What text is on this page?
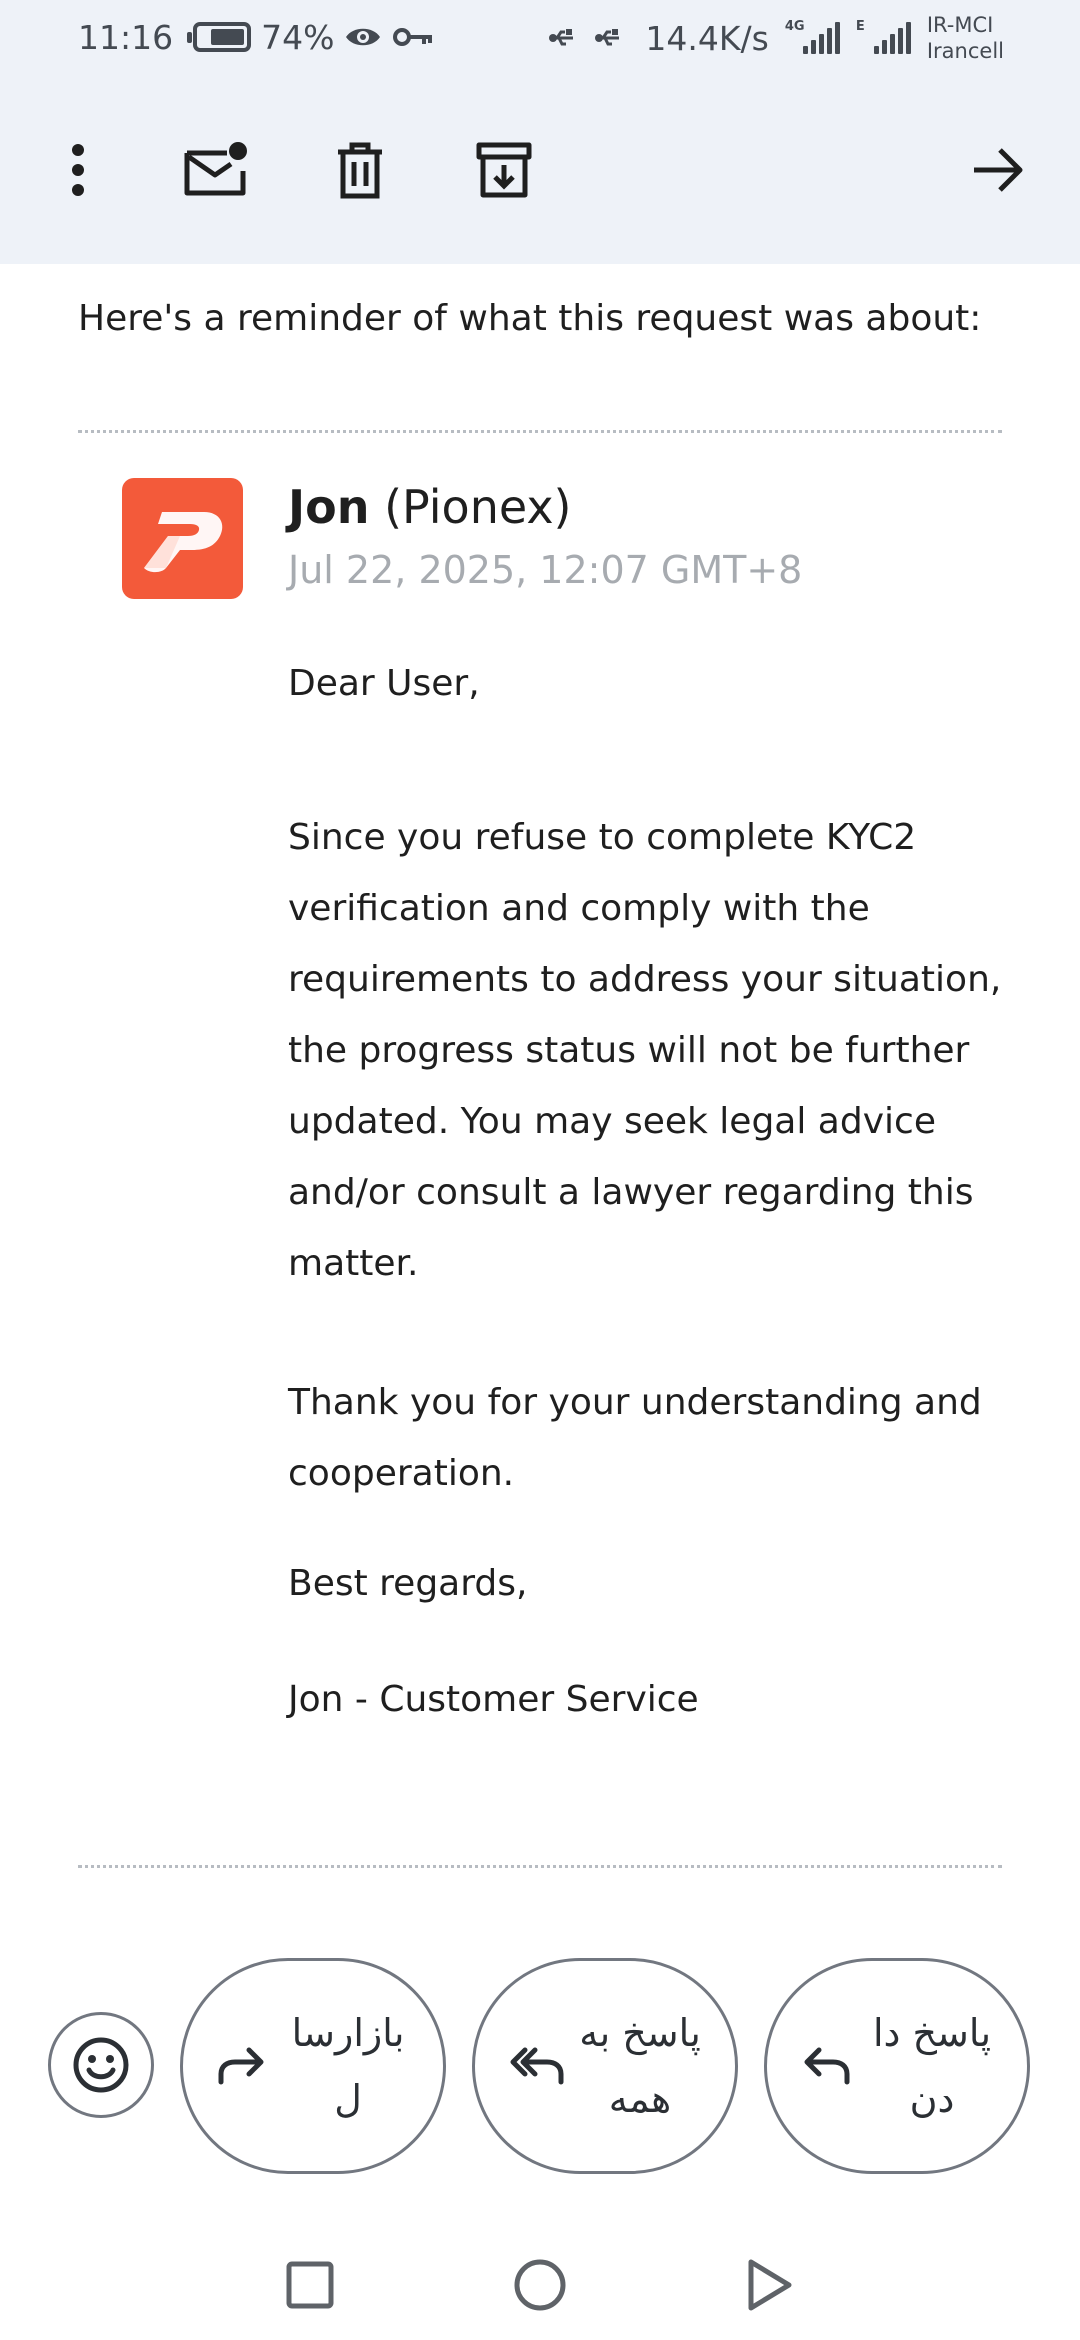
11:16	74%	14.4K/s 4G	E	IR-MCI
Irancell
Here's a reminder of what this request was about:
Jon (Pionex)
Jul 22, 2025, 12:07 GMT+8
Dear User,
Since you refuse to complete KYC2 verification and comply with the requirements to address your situation, the progress status will not be further updated. You may seek legal advice and/or consult a lawyer regarding this matter.
Thank you for your understanding and cooperation.
Best regards,
Jon - Customer Service
بازارسال
پاسخ به همه
پاسخ دادن
